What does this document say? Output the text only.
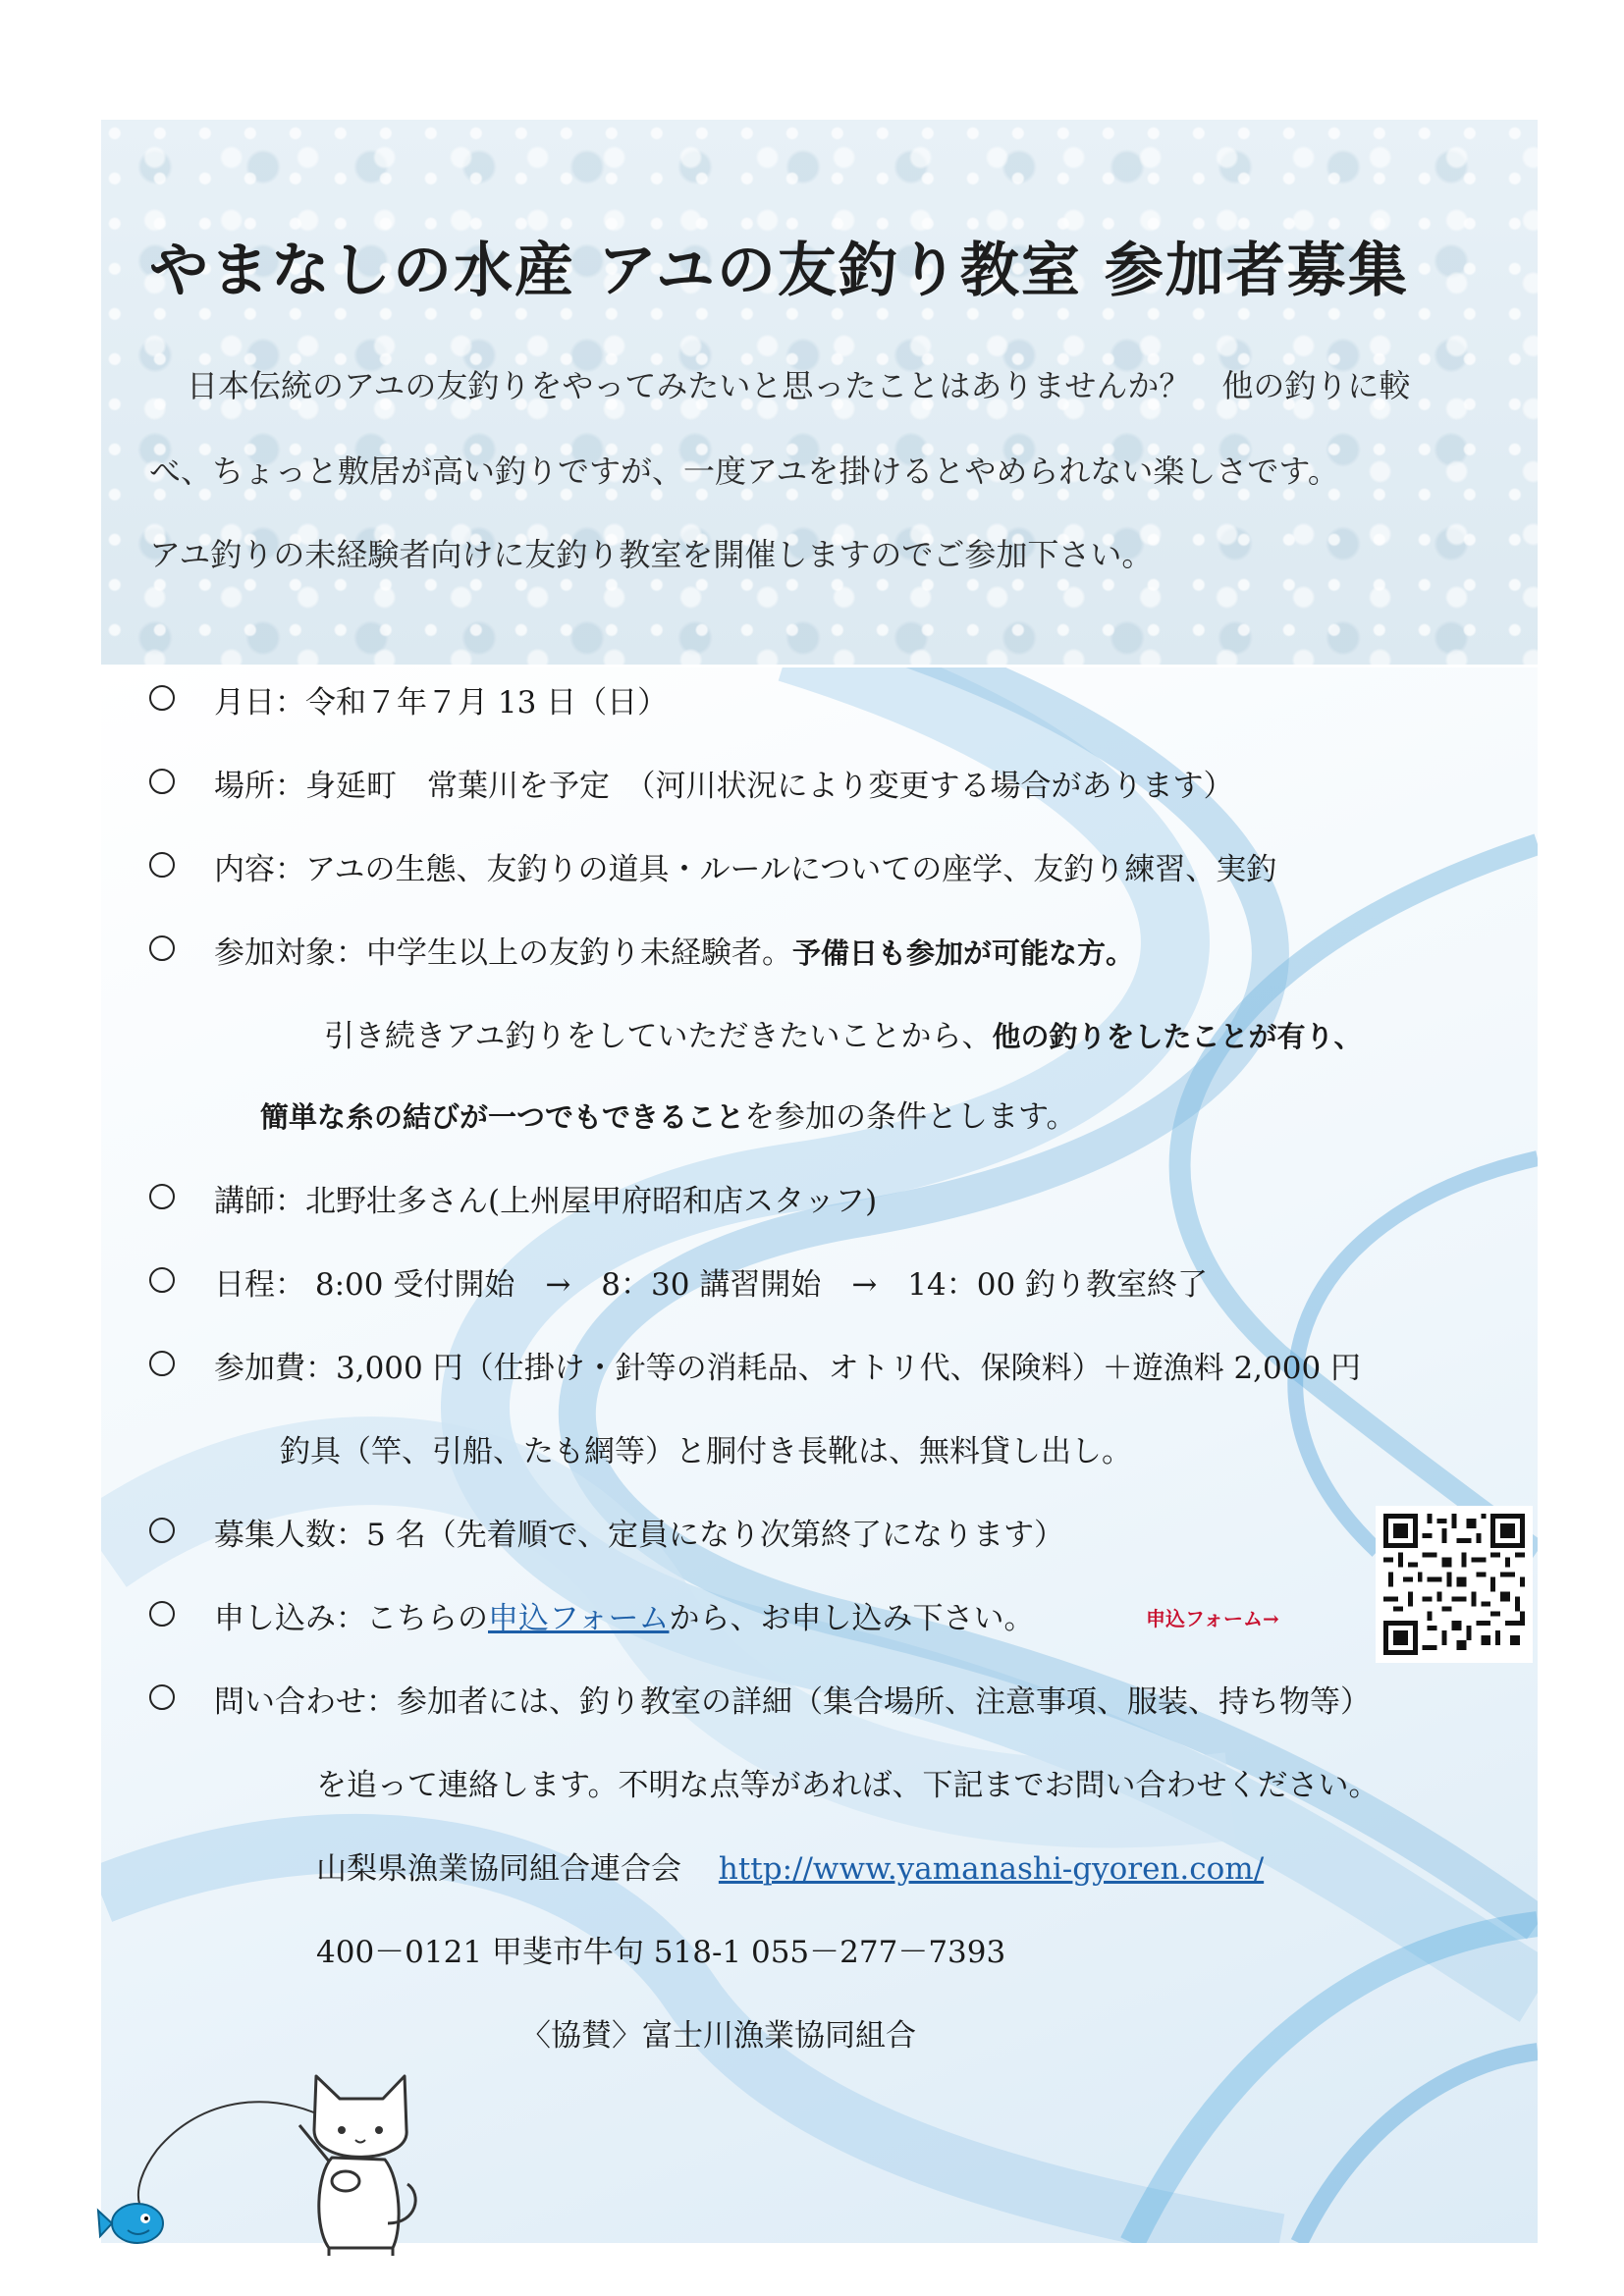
やまなしの水産 アユの友釣り教室 参加者募集

日本伝統のアユの友釣りをやってみたいと思ったことはありませんか？　他の釣りに較

べ、ちょっと敷居が高い釣りですが、一度アユを掛けるとやめられない楽しさです。

アユ釣りの未経験者向けに友釣り教室を開催しますのでご参加下さい。

月日：令和７年７月 13 日（日）
場所：身延町　常葉川を予定　（河川状況により変更する場合があります）
内容：アユの生態、友釣りの道具・ルールについての座学、友釣り練習、実釣
参加対象：中学生以上の友釣り未経験者。予備日も参加が可能な方。
引き続きアユ釣りをしていただきたいことから、他の釣りをしたことが有り、
簡単な糸の結びが一つでもできることを参加の条件とします。
講師：北野壮多さん(上州屋甲府昭和店スタッフ)
日程： 8:00 受付開始　→　8：30 講習開始　→　14：00 釣り教室終了
参加費：3,000 円（仕掛け・針等の消耗品、オトリ代、保険料）＋遊漁料 2,000 円
釣具（竿、引船、たも網等）と胴付き長靴は、無料貸し出し。
募集人数：5 名（先着順で、定員になり次第終了になります）
申し込み：こちらの申込フォームから、お申し込み下さい。	申込フォーム→
問い合わせ：参加者には、釣り教室の詳細（集合場所、注意事項、服装、持ち物等）
を追って連絡します。不明な点等があれば、下記までお問い合わせください。
山梨県漁業協同組合連合会 http://www.yamanashi-gyoren.com/
400－0121 甲斐市牛句 518-1 055－277－7393
〈協賛〉富士川漁業協同組合
